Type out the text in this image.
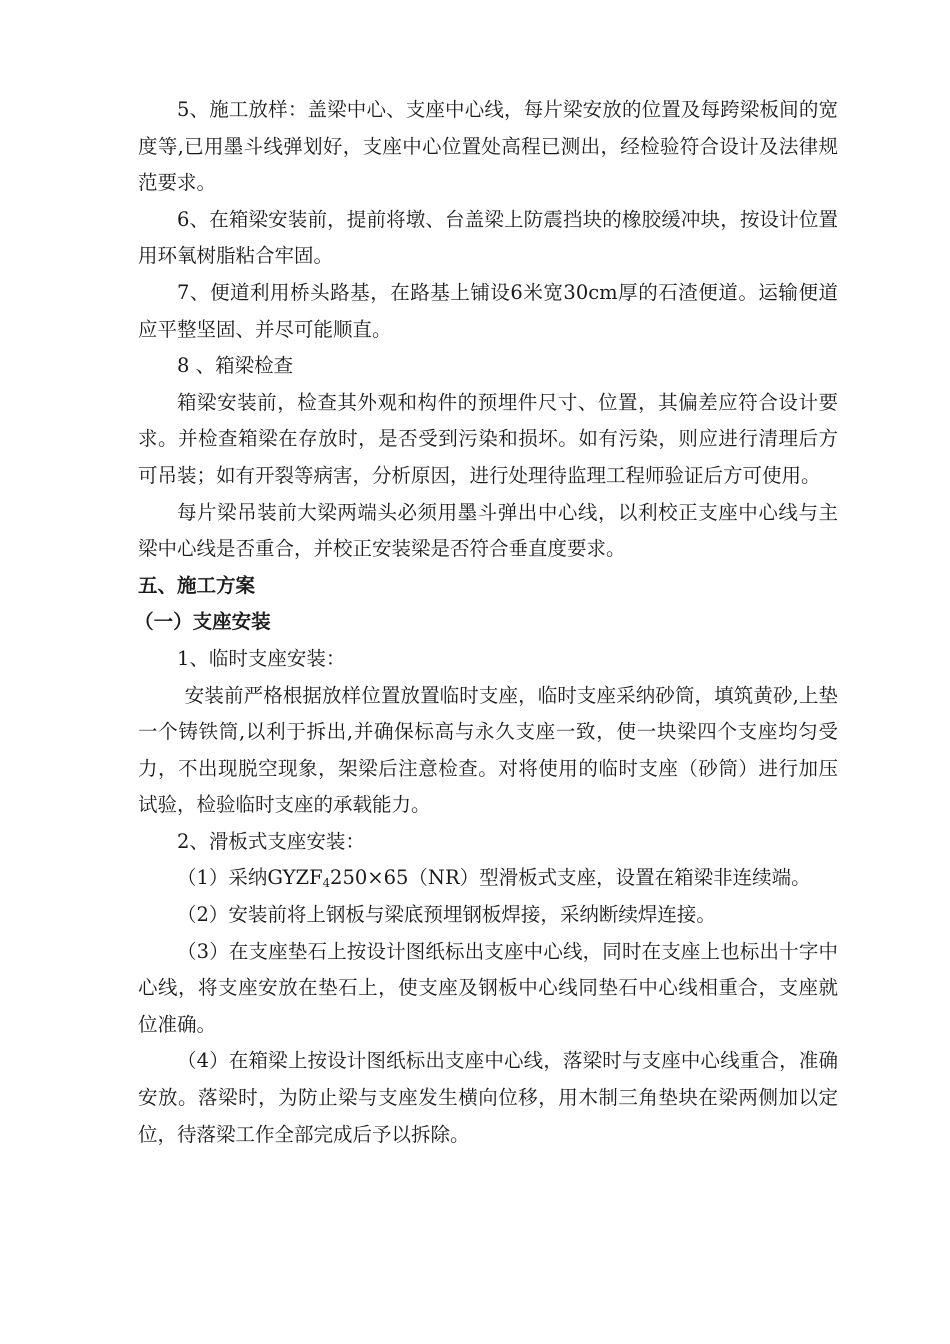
5、施工放样：盖梁中心、支座中心线，每片梁安放的位置及每跨梁板间的宽度等,已用墨斗线弹划好，支座中心位置处高程已测出，经检验符合设计及法律规范要求。

6、在箱梁安装前，提前将墩、台盖梁上防震挡块的橡胶缓冲块，按设计位置用环氧树脂粘合牢固。

7、便道利用桥头路基，在路基上铺设6米宽30cm厚的石渣便道。运输便道应平整坚固、并尽可能顺直。

8 、箱梁检查

箱梁安装前，检查其外观和构件的预埋件尺寸、位置，其偏差应符合设计要求。并检查箱梁在存放时，是否受到污染和损坏。如有污染，则应进行清理后方可吊装；如有开裂等病害，分析原因，进行处理待监理工程师验证后方可使用。

每片梁吊装前大梁两端头必须用墨斗弹出中心线，以利校正支座中心线与主梁中心线是否重合，并校正安装梁是否符合垂直度要求。

五、施工方案

（一）支座安装

1、临时支座安装：

安装前严格根据放样位置放置临时支座，临时支座采纳砂筒，填筑黄砂,上垫一个铸铁筒,以利于拆出,并确保标高与永久支座一致，使一块梁四个支座均匀受力，不出现脱空现象，架梁后注意检查。对将使用的临时支座（砂筒）进行加压试验，检验临时支座的承载能力。

2、滑板式支座安装：

（1）采纳$GYZF_4250\times 65(NR)$型滑板式支座，设置在箱梁非连续端。

（2）安装前将上钢板与梁底预埋钢板焊接，采纳断续焊连接。

（3）在支座垫石上按设计图纸标出支座中心线，同时在支座上也标出十字中心线，将支座安放在垫石上，使支座及钢板中心线同垫石中心线相重合，支座就位准确。

（4）在箱梁上按设计图纸标出支座中心线，落梁时与支座中心线重合，准确安放。落梁时，为防止梁与支座发生横向位移，用木制三角垫块在梁两侧加以定位，待落梁工作全部完成后予以拆除。
